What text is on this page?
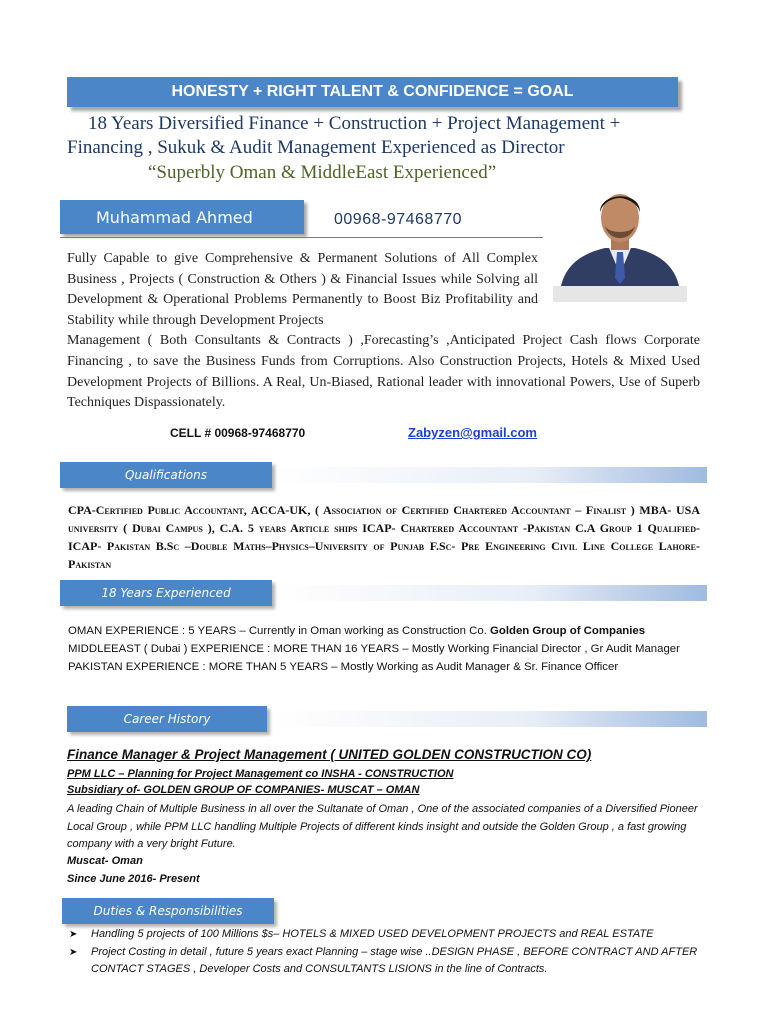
HONESTY + RIGHT TALENT & CONFIDENCE = GOAL
18 Years Diversified Finance + Construction + Project Management +
Financing , Sukuk & Audit Management Experienced as Director
“Superbly Oman & MiddleEast Experienced”
Muhammad Ahmed	00968-97468770
Fully Capable to give Comprehensive & Permanent Solutions of All Complex Business , Projects ( Construction & Others ) & Financial Issues while Solving all Development & Operational Problems Permanently to Boost Biz Profitability and Stability while through Development Projects
Management ( Both Consultants & Contracts ) ,Forecasting’s ,Anticipated Project Cash flows Corporate Financing , to save the Business Funds from Corruptions. Also Construction Projects, Hotels & Mixed Used Development Projects of Billions. A Real, Un-Biased, Rational leader with innovational Powers, Use of Superb Techniques Dispassionately.
CELL # 00968-97468770	Zabyzen@gmail.com
Qualifications
CPA-Certified Public Accountant, ACCA-UK, ( Association of Certified Chartered Accountant – Finalist ) MBA- USA university ( Dubai Campus ), C.A. 5 years Article ships ICAP- Chartered Accountant -Pakistan C.A Group 1 Qualified- ICAP- Pakistan B.Sc –Double Maths–Physics–University of Punjab F.Sc- Pre Engineering Civil Line College Lahore- Pakistan
18 Years Experienced
OMAN EXPERIENCE : 5 YEARS – Currently in Oman working as Construction Co. Golden Group of Companies
MIDDLEEAST ( Dubai ) EXPERIENCE : MORE THAN 16 YEARS – Mostly Working Financial Director , Gr Audit Manager
PAKISTAN EXPERIENCE : MORE THAN 5 YEARS – Mostly Working as Audit Manager & Sr. Finance Officer
Career History
Finance Manager & Project Management ( UNITED GOLDEN CONSTRUCTION CO)
PPM LLC – Planning for Project Management co INSHA - CONSTRUCTION
Subsidiary of- GOLDEN GROUP OF COMPANIES- MUSCAT – OMAN
A leading Chain of Multiple Business in all over the Sultanate of Oman , One of the associated companies of a Diversified Pioneer Local Group , while PPM LLC handling Multiple Projects of different kinds insight and outside the Golden Group , a fast growing company with a very bright Future.
Muscat- Oman
Since June 2016- Present
Duties & Responsibilities
➤ Handling 5 projects of 100 Millions $s– HOTELS & MIXED USED DEVELOPMENT PROJECTS and REAL ESTATE
➤ Project Costing in detail , future 5 years exact Planning – stage wise ..DESIGN PHASE , BEFORE CONTRACT AND AFTER CONTACT STAGES , Developer Costs and CONSULTANTS LISIONS in the line of Contracts.
